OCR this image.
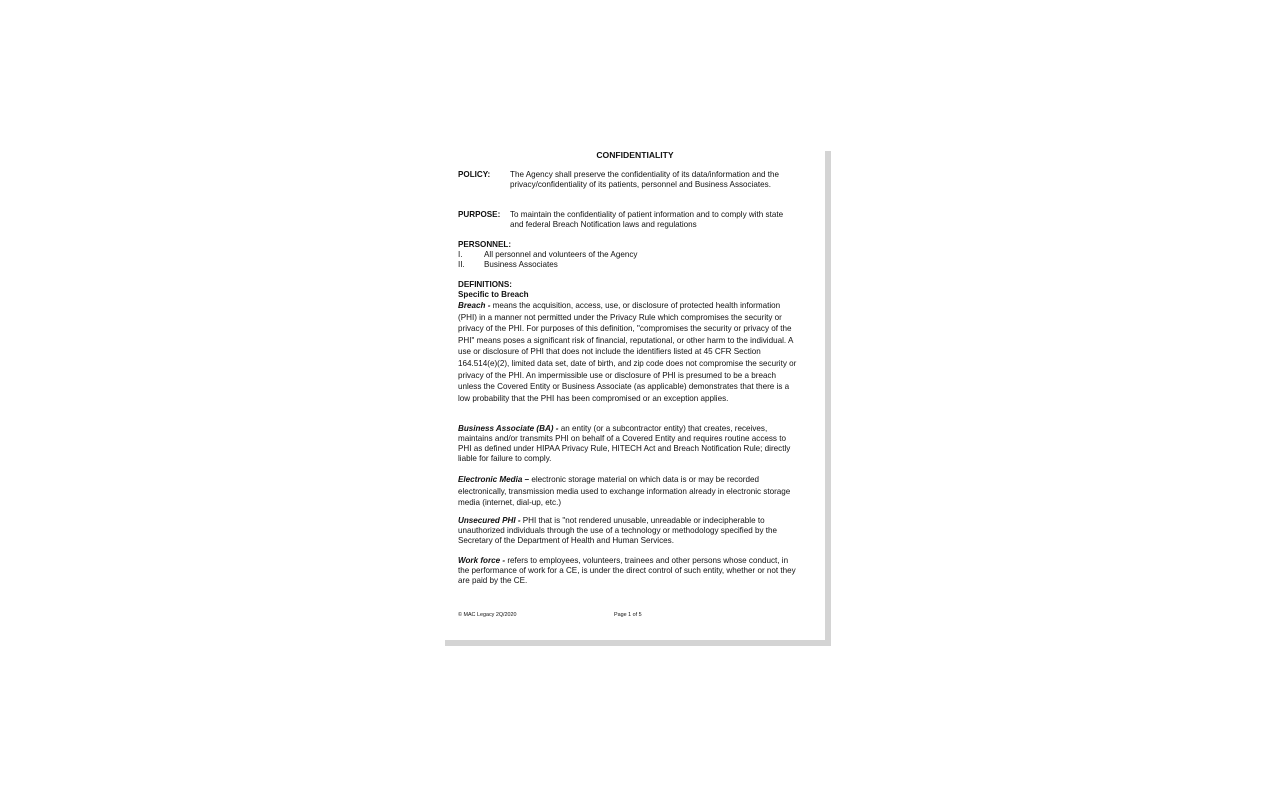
CONFIDENTIALITY
POLICY: The Agency shall preserve the confidentiality of its data/information and the privacy/confidentiality of its patients, personnel and Business Associates.
PURPOSE: To maintain the confidentiality of patient information and to comply with state and federal Breach Notification laws and regulations
PERSONNEL:
I.	All personnel and volunteers of the Agency
II. Business Associates
DEFINITIONS:
Specific to Breach
Breach - means the acquisition, access, use, or disclosure of protected health information (PHI) in a manner not permitted under the Privacy Rule which compromises the security or privacy of the PHI. For purposes of this definition, "compromises the security or privacy of the PHI" means poses a significant risk of financial, reputational, or other harm to the individual. A use or disclosure of PHI that does not include the identifiers listed at 45 CFR Section 164.514(e)(2), limited data set, date of birth, and zip code does not compromise the security or privacy of the PHI. An impermissible use or disclosure of PHI is presumed to be a breach unless the Covered Entity or Business Associate (as applicable) demonstrates that there is a low probability that the PHI has been compromised or an exception applies.
Business Associate (BA) - an entity (or a subcontractor entity) that creates, receives, maintains and/or transmits PHI on behalf of a Covered Entity and requires routine access to PHI as defined under HIPAA Privacy Rule, HITECH Act and Breach Notification Rule; directly liable for failure to comply.
Electronic Media – electronic storage material on which data is or may be recorded electronically, transmission media used to exchange information already in electronic storage media (internet, dial-up, etc.)
Unsecured PHI - PHI that is "not rendered unusable, unreadable or indecipherable to unauthorized individuals through the use of a technology or methodology specified by the Secretary of the Department of Health and Human Services.
Work force - refers to employees, volunteers, trainees and other persons whose conduct, in the performance of work for a CE, is under the direct control of such entity, whether or not they are paid by the CE.
© MAC Legacy 2Q/2020	Page 1 of 5
